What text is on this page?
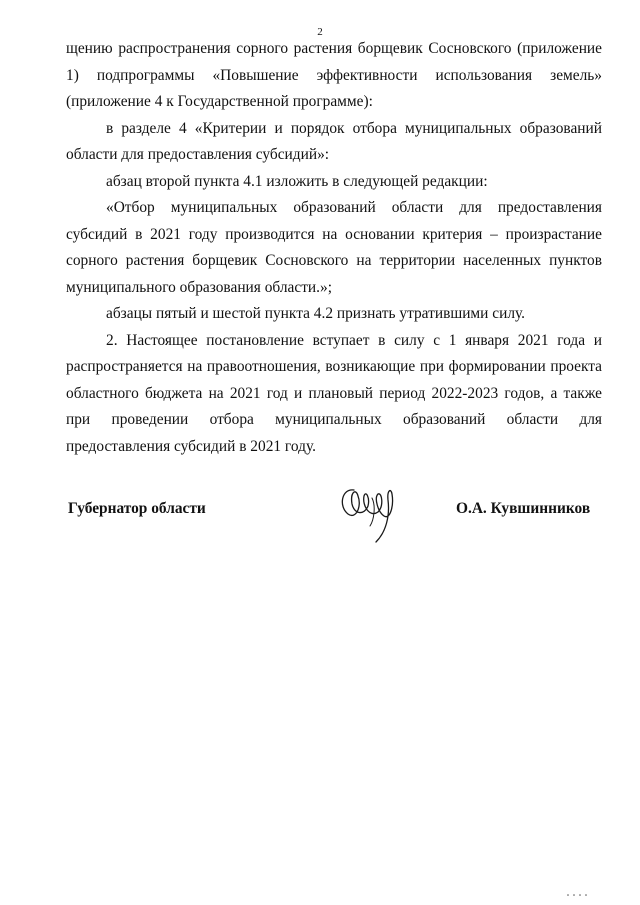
2

щению распространения сорного растения борщевик Сосновского (приложение 1) подпрограммы «Повышение эффективности использования земель» (приложение 4 к Государственной программе):

в разделе 4 «Критерии и порядок отбора муниципальных образований области для предоставления субсидий»:

абзац второй пункта 4.1 изложить в следующей редакции:

«Отбор муниципальных образований области для предоставления субсидий в 2021 году производится на основании критерия – произрастание сорного растения борщевик Сосновского на территории населенных пунктов муниципального образования области.»;

абзацы пятый и шестой пункта 4.2 признать утратившими силу.

2. Настоящее постановление вступает в силу с 1 января 2021 года и распространяется на правоотношения, возникающие при формировании проекта областного бюджета на 2021 год и плановый период 2022-2023 годов, а также при проведении отбора муниципальных образований области для предоставления субсидий в 2021 году.

Губернатор области	О.А. Кувшинников
